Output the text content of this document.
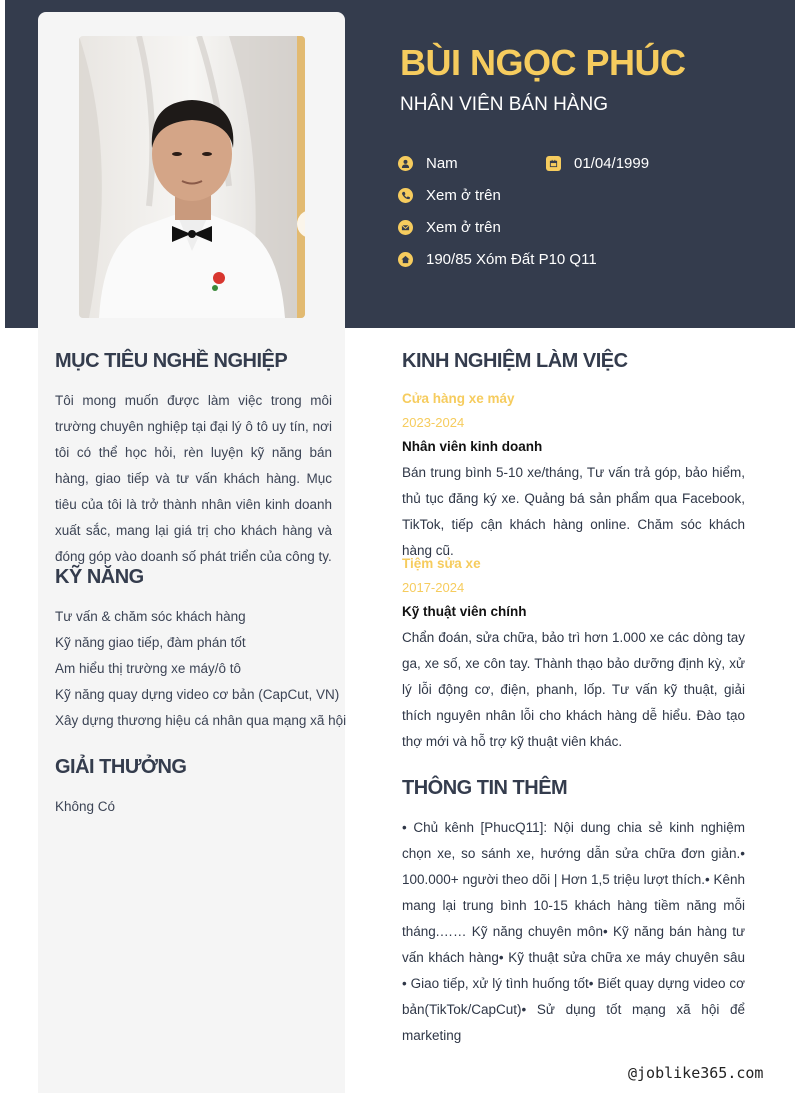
BÙI NGỌC PHÚC
NHÂN VIÊN BÁN HÀNG
Nam	01/04/1999
Xem ở trên
Xem ở trên
190/85 Xóm Đất P10 Q11
MỤC TIÊU NGHỀ NGHIỆP

Tôi mong muốn được làm việc trong môi trường chuyên nghiệp tại đại lý ô tô uy tín, nơi tôi có thể học hỏi, rèn luyện kỹ năng bán hàng, giao tiếp và tư vấn khách hàng. Mục tiêu của tôi là trở thành nhân viên kinh doanh xuất sắc, mang lại giá trị cho khách hàng và đóng góp vào doanh số phát triển của công ty.

KỸ NĂNG
Tư vấn & chăm sóc khách hàng
Kỹ năng giao tiếp, đàm phán tốt
Am hiểu thị trường xe máy/ô tô
Kỹ năng quay dựng video cơ bản (CapCut, VN)
Xây dựng thương hiệu cá nhân qua mạng xã hội
GIẢI THƯỞNG

Không Có

KINH NGHIỆM LÀM VIỆC
Cửa hàng xe máy
2023-2024
Nhân viên kinh doanh

Bán trung bình 5-10 xe/tháng, Tư vấn trả góp, bảo hiểm, thủ tục đăng ký xe. Quảng bá sản phẩm qua Facebook, TikTok, tiếp cận khách hàng online. Chăm sóc khách hàng cũ.

Tiệm sửa xe
2017-2024
Kỹ thuật viên chính

Chẩn đoán, sửa chữa, bảo trì hơn 1.000 xe các dòng tay ga, xe số, xe côn tay. Thành thạo bảo dưỡng định kỳ, xử lý lỗi động cơ, điện, phanh, lốp. Tư vấn kỹ thuật, giải thích nguyên nhân lỗi cho khách hàng dễ hiểu. Đào tạo thợ mới và hỗ trợ kỹ thuật viên khác.

THÔNG TIN THÊM

• Chủ kênh [PhucQ11]: Nội dung chia sẻ kinh nghiệm chọn xe, so sánh xe, hướng dẫn sửa chữa đơn giản.• 100.000+ người theo dõi | Hơn 1,5 triệu lượt thích.• Kênh mang lại trung bình 10-15 khách hàng tiềm năng mỗi tháng.…… Kỹ năng chuyên môn• Kỹ năng bán hàng tư vấn khách hàng• Kỹ thuật sửa chữa xe máy chuyên sâu • Giao tiếp, xử lý tình huống tốt• Biết quay dựng video cơ bản(TikTok/CapCut)• Sử dụng tốt mạng xã hội để marketing

@joblike365.com
